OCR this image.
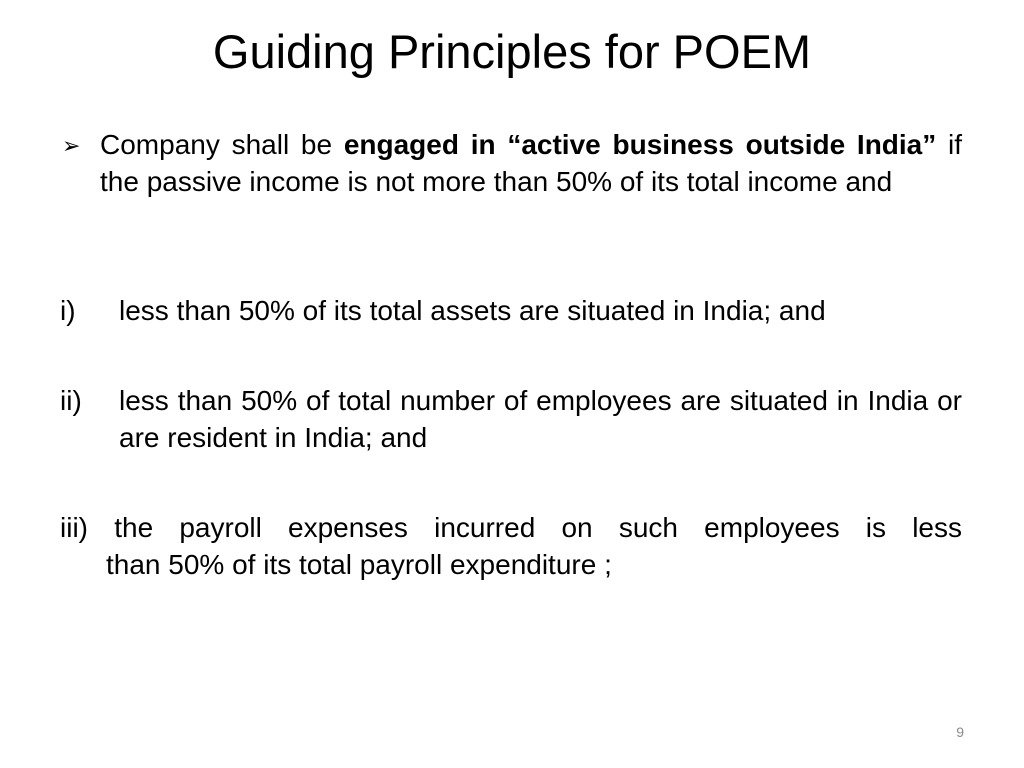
Guiding Principles for POEM
➢ Company shall be engaged in “active business outside India” if the passive income is not more than 50% of its total income and
i) less than 50% of its total assets are situated in India; and
ii) less than 50% of total number of employees are situated in India or are resident in India; and
iii) the payroll expenses incurred on such employees is less
than 50% of its total payroll expenditure ;
9
